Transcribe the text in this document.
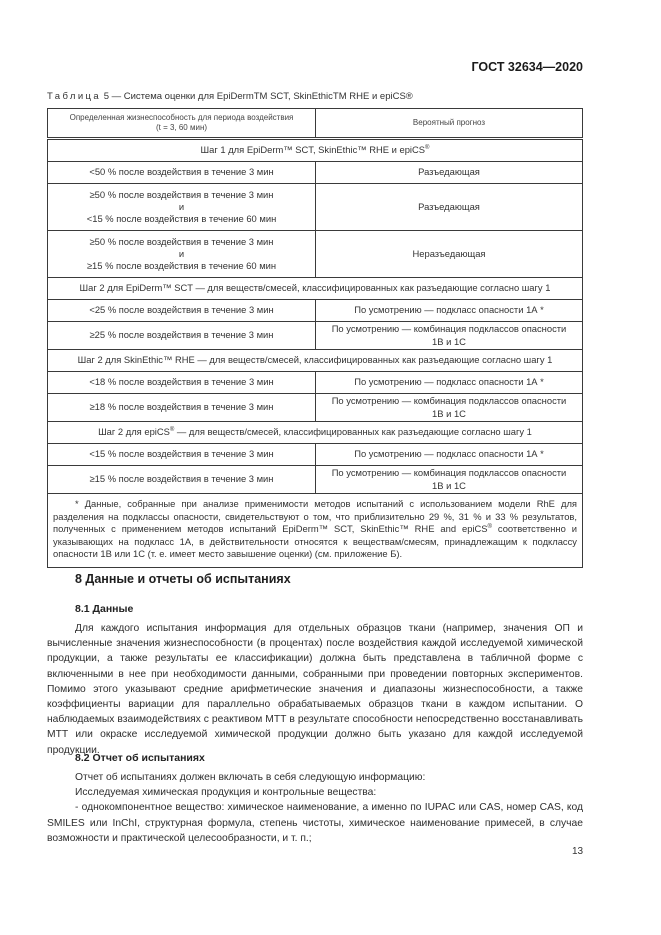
ГОСТ 32634—2020
Таблица 5 — Система оценки для EpiDermTM SCT, SkinEthicTM RHE и epiCS®
Определенная жизнеспособность для периода воздействия
(t = 3, 60 мин)	Вероятный прогноз
Шаг 1 для EpiDerm™ SCT, SkinEthic™ RHE и epiCS®
<50 % после воздействия в течение 3 мин	Разъедающая

≥50 % после воздействия в течение 3 мин
и
<15 % после воздействия в течение 60 мин	Разъедающая

≥50 % после воздействия в течение 3 мин
и
≥15 % после воздействия в течение 60 мин	Неразъедающая
Шаг 2 для EpiDerm™ SCT — для веществ/смесей, классифицированных как разъедающие согласно шагу 1	
<25 % после воздействия в течение 3 мин	По усмотрению — подкласс опасности 1А *
≥25 % после воздействия в течение 3 мин	По усмотрению — комбинация подклассов опасности
1В и 1С

Шаг 2 для SkinEthic™ RHE — для веществ/смесей, классифицированных как разъедающие согласно шагу 1	
<18 % после воздействия в течение 3 мин	По усмотрению — подкласс опасности 1А *
≥18 % после воздействия в течение 3 мин	По усмотрению — комбинация подклассов опасности
1В и 1С

Шаг 2 для epiCS® — для веществ/смесей, классифицированных как разъедающие согласно шагу 1	
<15 % после воздействия в течение 3 мин	По усмотрению — подкласс опасности 1А *
≥15 % после воздействия в течение 3 мин	По усмотрению — комбинация подклассов опасности
1В и 1С

* Данные, собранные при анализе применимости методов испытаний с использованием модели RhE для разделения на подклассы опасности, свидетельствуют о том, что приблизительно 29 %, 31 % и 33 % результатов, полученных с применением методов испытаний EpiDerm™ SCT, SkinEthic™ RHE and epiCS® соответственно и указывающих на подкласс 1А, в действительности относятся к веществам/смесям, принадлежащим к подклассу опасности 1В или 1С (т. е. имеет место завышение оценки) (см. приложение Б).	
8 Данные и отчеты об испытаниях
8.1 Данные

Для каждого испытания информация для отдельных образцов ткани (например, значения ОП и вычисленные значения жизнеспособности (в процентах) после воздействия каждой исследуемой химической продукции, а также результаты ее классификации) должна быть представлена в табличной форме с включенными в нее при необходимости данными, собранными при проведении повторных экспериментов. Помимо этого указывают средние арифметические значения и диапазоны жизнеспособности, а также коэффициенты вариации для параллельно обрабатываемых образцов ткани в каждом испытании. О наблюдаемых взаимодействиях с реактивом МТТ в результате способности непосредственно восстанавливать МТТ или окраске исследуемой химической продукции должно быть указано для каждой исследуемой продукции.

8.2 Отчет об испытаниях

Отчет об испытаниях должен включать в себя следующую информацию:

Исследуемая химическая продукция и контрольные вещества:

- однокомпонентное вещество: химическое наименование, а именно по IUPAC или CAS, номер CAS, код SMILES или InChI, структурная формула, степень чистоты, химическое наименование примесей, в случае возможности и практической целесообразности, и т. п.;

13
